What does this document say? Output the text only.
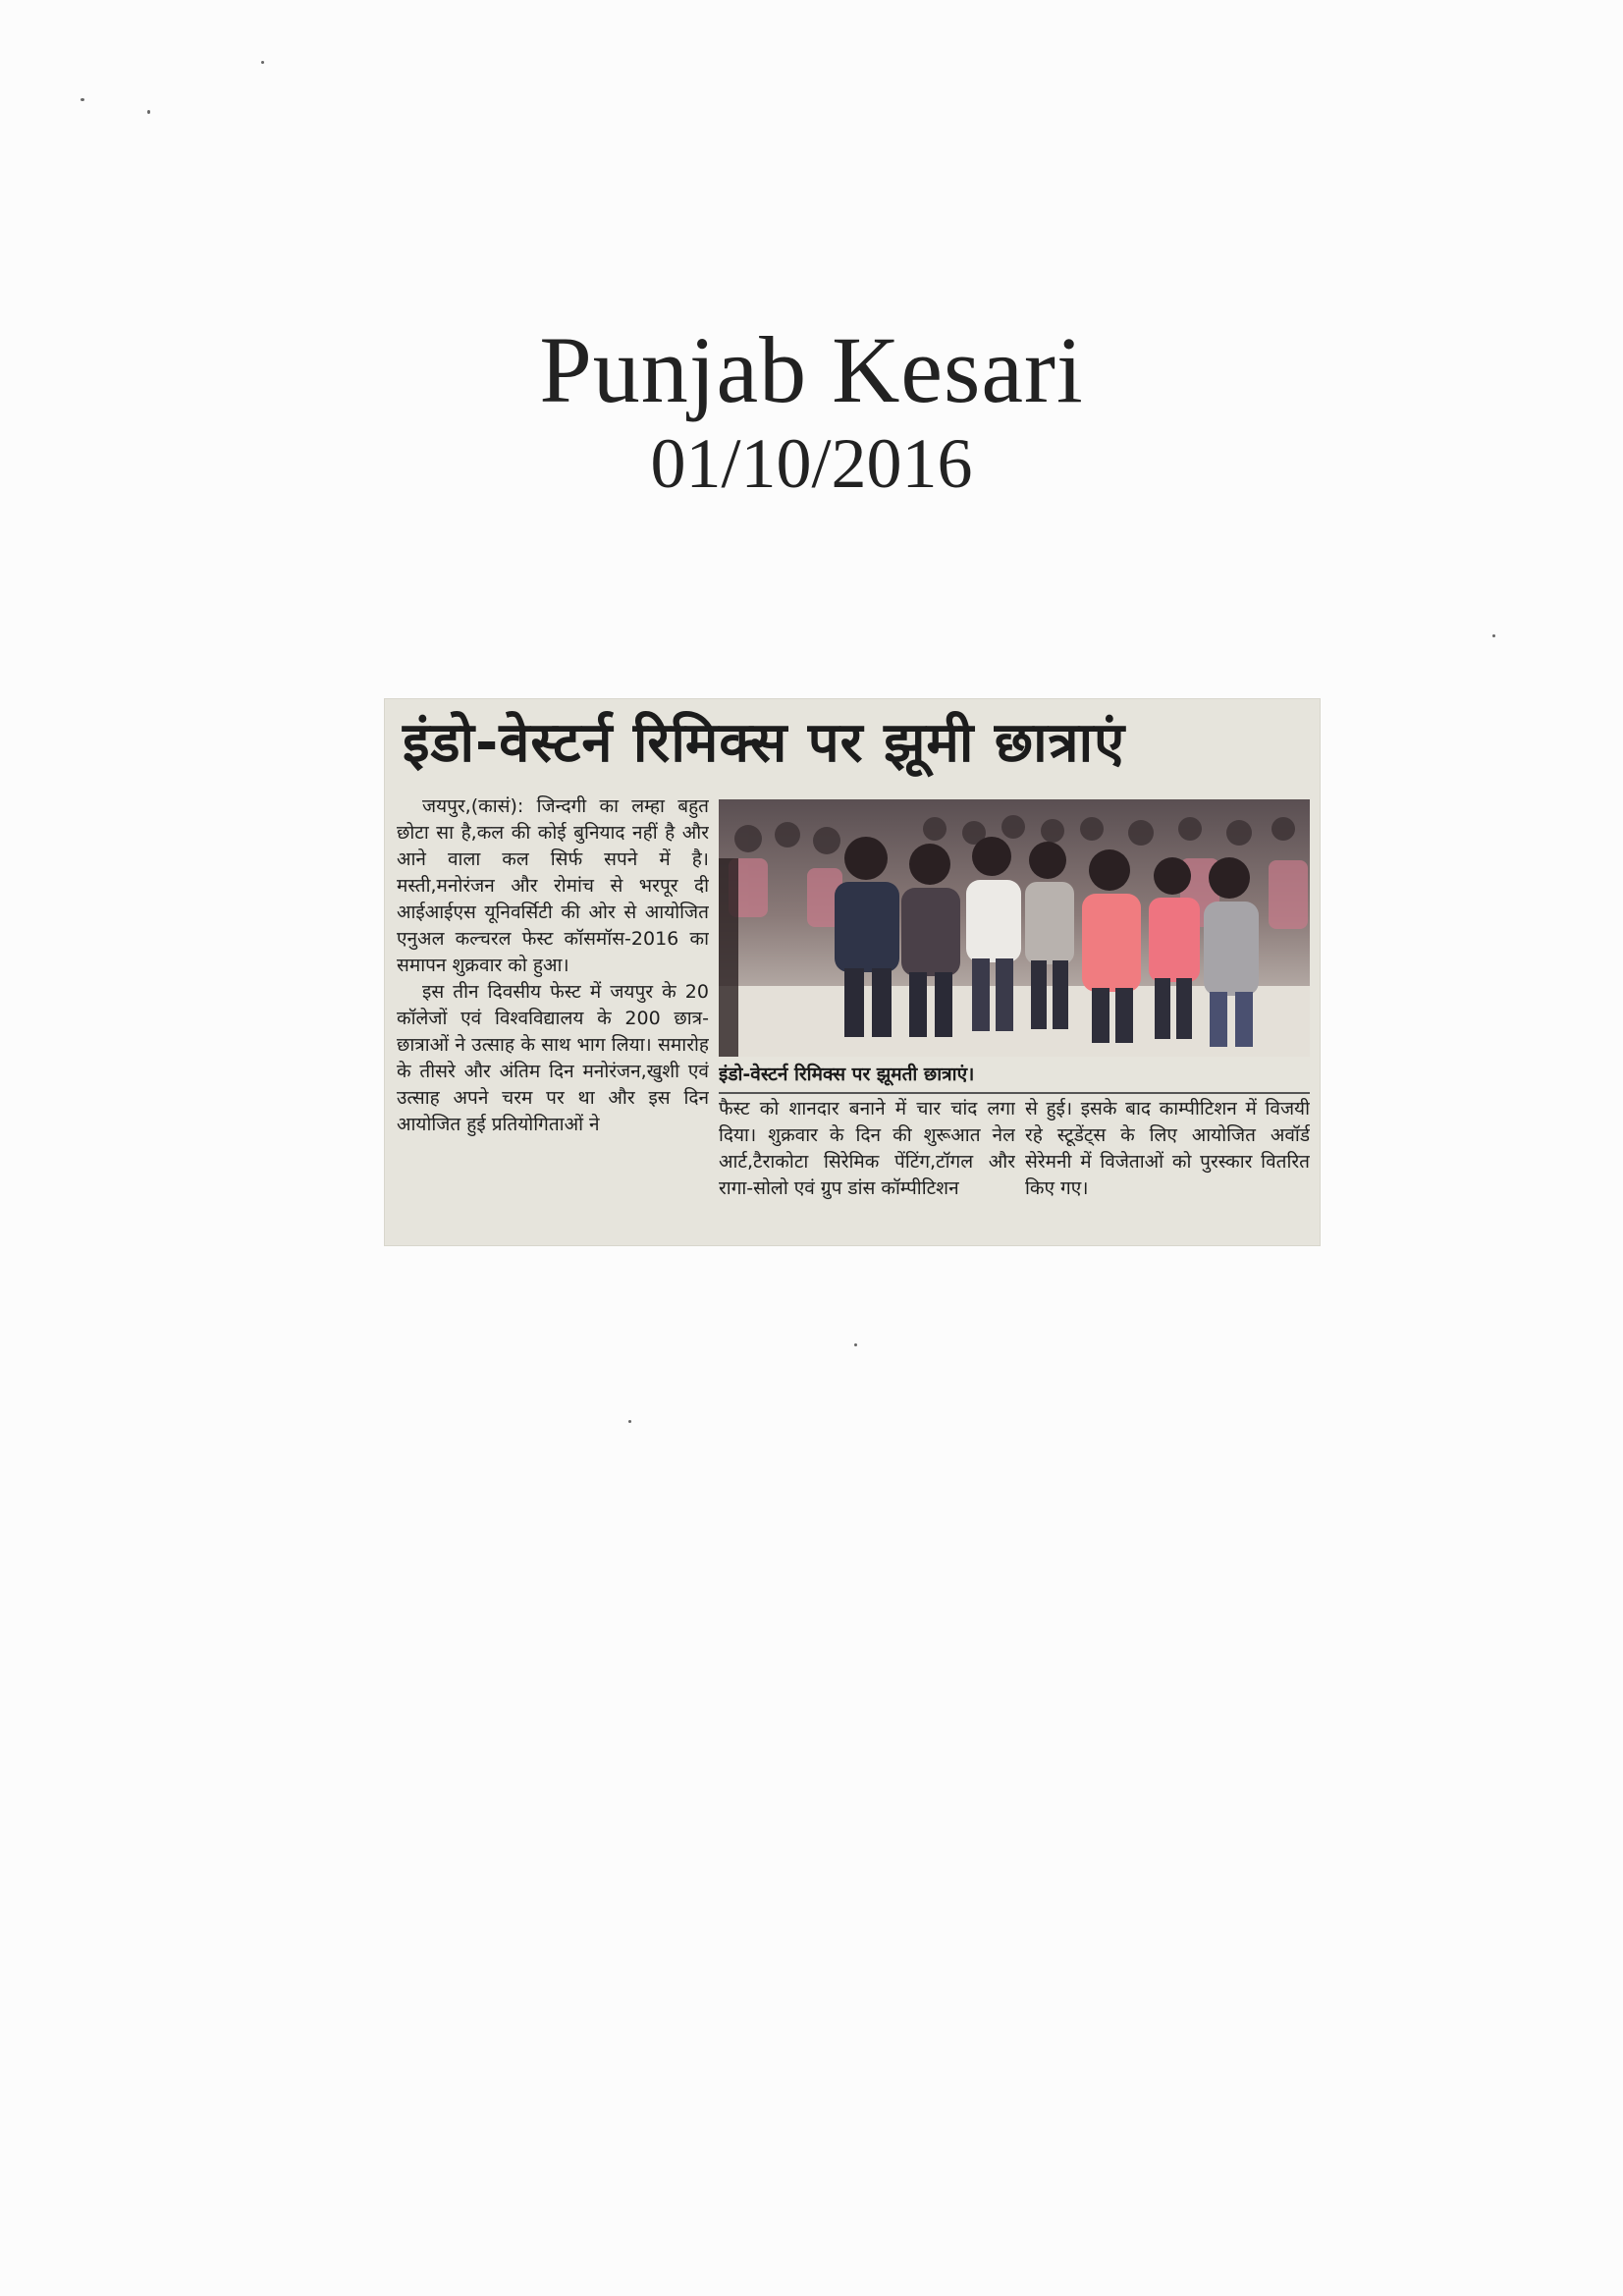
Punjab Kesari
01/10/2016
इंडो-वेस्टर्न रिमिक्स पर झूमी छात्राएं

जयपुर,(कासं): जिन्दगी का लम्हा बहुत छोटा सा है,कल की कोई बुनियाद नहीं है और आने वाला कल सिर्फ सपने में है। मस्ती,मनोरंजन और रोमांच से भरपूर दी आईआईएस यूनिवर्सिटी की ओर से आयोजित एनुअल कल्चरल फेस्ट कॉसमॉस-2016 का समापन शुक्रवार को हुआ।

इस तीन दिवसीय फेस्ट में जयपुर के 20 कॉलेजों एवं विश्वविद्यालय के 200 छात्र-छात्राओं ने उत्साह के साथ भाग लिया। समारोह के तीसरे और अंतिम दिन मनोरंजन,खुशी एवं उत्साह अपने चरम पर था और इस दिन आयोजित हुई प्रतियोगिताओं ने

इंडो-वेस्टर्न रिमिक्स पर झूमती छात्राएं।

फैस्ट को शानदार बनाने में चार चांद लगा दिया। शुक्रवार के दिन की शुरूआत नेल आर्ट,टैराकोटा सिरेमिक पेंटिंग,टॉगल और रागा-सोलो एवं ग्रुप डांस कॉम्पीटिशन

से हुई। इसके बाद काम्पीटिशन में विजयी रहे स्टूडेंट्स के लिए आयोजित अवॉर्ड सेरेमनी में विजेताओं को पुरस्कार वितरित किए गए।
